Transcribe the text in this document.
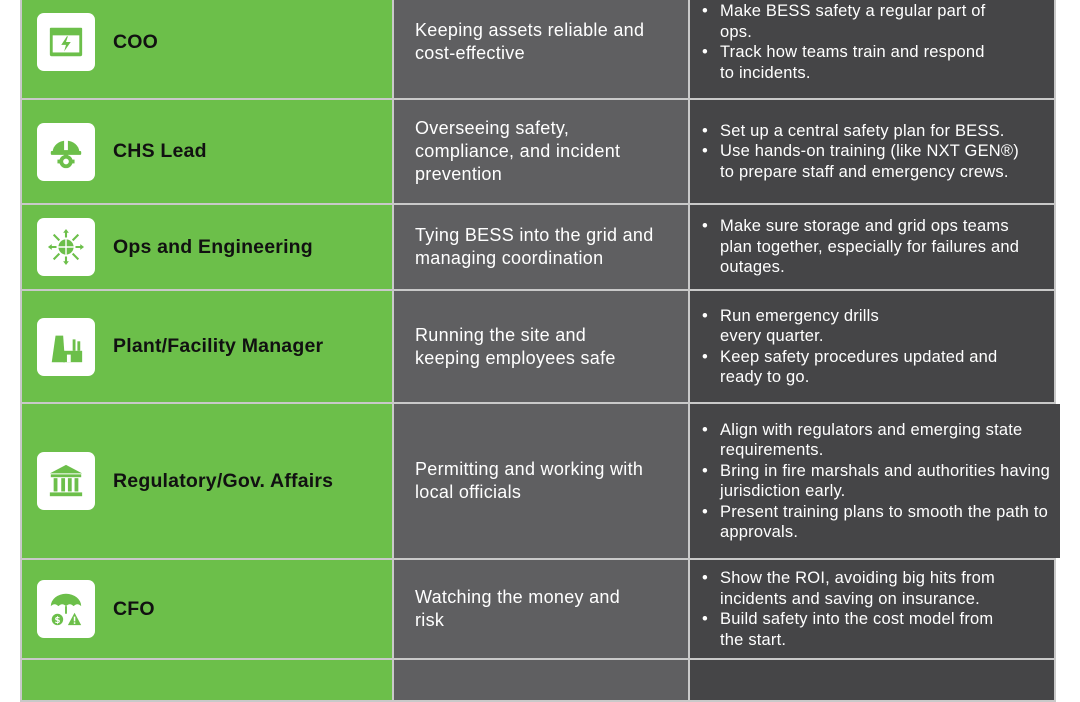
COO
Keeping assets reliable and cost-effective
• Make BESS safety a regular part of ops.
• Track how teams train and respond to incidents.
CHS Lead
Overseeing safety, compliance, and incident prevention
• Set up a central safety plan for BESS.
• Use hands-on training (like NXT GEN®) to prepare staff and emergency crews.
Ops and Engineering
Tying BESS into the grid and managing coordination
• Make sure storage and grid ops teams plan together, especially for failures and outages.
Plant/Facility Manager
Running the site and keeping employees safe
• Run emergency drills every quarter.
• Keep safety procedures updated and ready to go.
Regulatory/Gov. Affairs
Permitting and working with local officials
• Align with regulators and emerging state requirements.
• Bring in fire marshals and authorities having jurisdiction early.
• Present training plans to smooth the path to approvals.
$
CFO
Watching the money and risk
• Show the ROI, avoiding big hits from incidents and saving on insurance.
• Build safety into the cost model from the start.
